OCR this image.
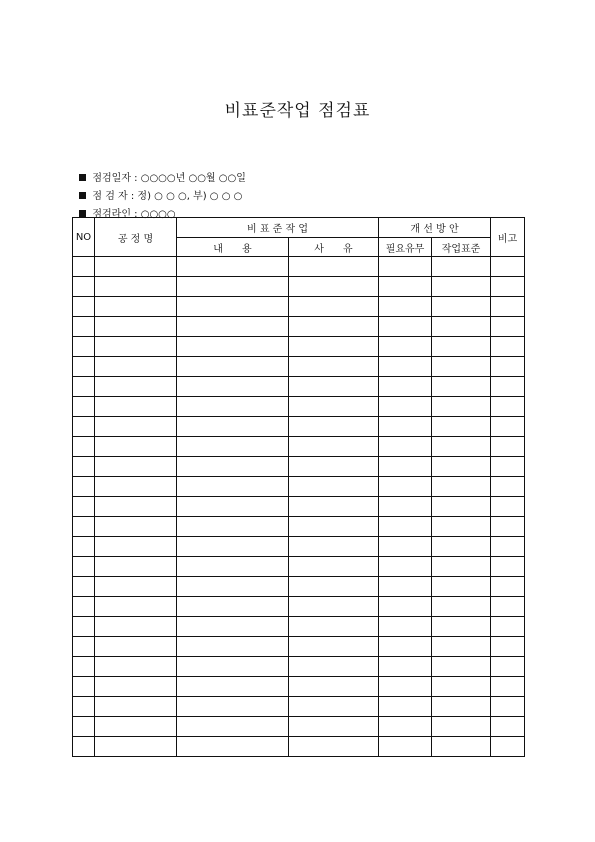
비표준작업 점검표

점검일자 : ○○○○년 ○○월 ○○일

점 검 자 : 정) ○ ○ ○, 부) ○ ○ ○

점검라인 : ○○○○

NO	공 정 명	비 표 준 작 업		개 선 방 안		비고
		내      용	사      유	필요유무	작업표준	
